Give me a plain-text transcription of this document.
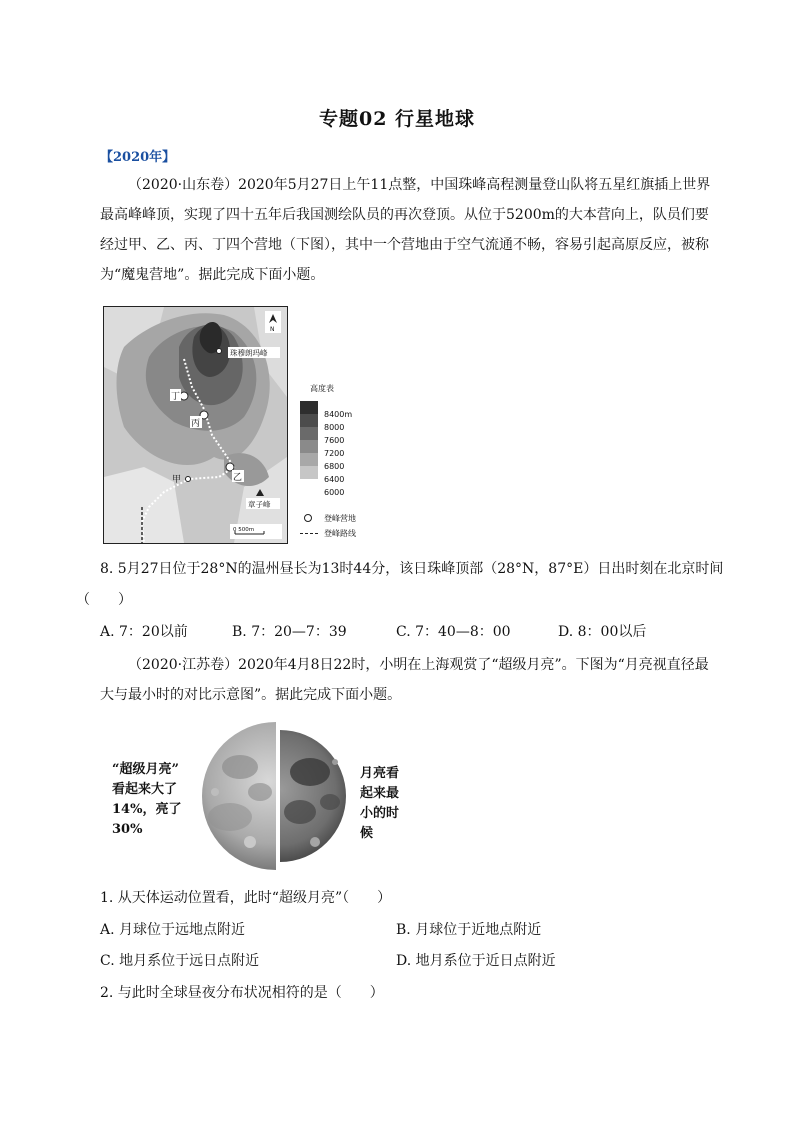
专题02 行星地球
【2020年】
（2020·山东卷）2020年5月27日上午11点整，中国珠峰高程测量登山队将五星红旗插上世界最高峰峰顶，实现了四十五年后我国测绘队员的再次登顶。从位于5200m的大本营向上，队员们要经过甲、乙、丙、丁四个营地（下图），其中一个营地由于空气流通不畅，容易引起高原反应，被称为“魔鬼营地”。据此完成下面小题。
珠穆朗玛峰
N
丁
丙
乙
甲
章子峰
0 500m
高度表
8400m
8000
7600
7200
6800
6400
6000
登峰营地
登峰路线
8. 5月27日位于28°N的温州昼长为13时44分，该日珠峰顶部（28°N，87°E）日出时刻在北京时间
（　　）
A. 7：20以前	B. 7：20—7：39	C. 7：40—8：00	D. 8：00以后
（2020·江苏卷）2020年4月8日22时，小明在上海观赏了“超级月亮”。下图为“月亮视直径最大与最小时的对比示意图”。据此完成下面小题。
“超级月亮”
看起来大了
14%，亮了
30%
月亮看
起来最
小的时
候
1. 从天体运动位置看，此时“超级月亮”（　　）
A. 月球位于远地点附近	B. 月球位于近地点附近
C. 地月系位于远日点附近	D. 地月系位于近日点附近
2. 与此时全球昼夜分布状况相符的是（　　）
